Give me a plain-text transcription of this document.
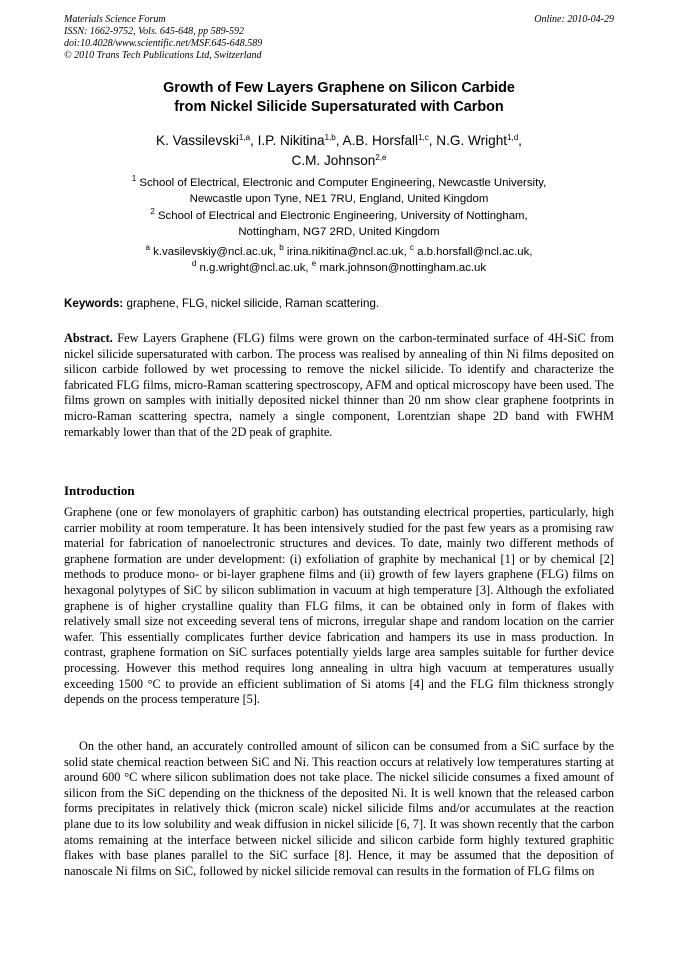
Materials Science Forum
ISSN: 1662-9752, Vols. 645-648, pp 589-592
doi:10.4028/www.scientific.net/MSF.645-648.589
© 2010 Trans Tech Publications Ltd, Switzerland
Online: 2010-04-29
Growth of Few Layers Graphene on Silicon Carbide
from Nickel Silicide Supersaturated with Carbon
K. Vassilevski$^{1,a}$, I.P. Nikitina$^{1,b}$, A.B. Horsfall$^{1,c}$, N.G. Wright$^{1,d}$,
C.M. Johnson$^{2,e}$
$^1$ School of Electrical, Electronic and Computer Engineering, Newcastle University,
Newcastle upon Tyne, NE1 7RU, England, United Kingdom
$^2$ School of Electrical and Electronic Engineering, University of Nottingham,
Nottingham, NG7 2RD, United Kingdom
$^a$ k.vasilevskiy@ncl.ac.uk, $^b$ irina.nikitina@ncl.ac.uk, $^c$ a.b.horsfall@ncl.ac.uk,
$^d$ n.g.wright@ncl.ac.uk, $^e$ mark.johnson@nottingham.ac.uk
Keywords: graphene, FLG, nickel silicide, Raman scattering.
Abstract. Few Layers Graphene (FLG) films were grown on the carbon-terminated surface of 4H-SiC from nickel silicide supersaturated with carbon. The process was realised by annealing of thin Ni films deposited on silicon carbide followed by wet processing to remove the nickel silicide. To identify and characterize the fabricated FLG films, micro-Raman scattering spectroscopy, AFM and optical microscopy have been used. The films grown on samples with initially deposited nickel thinner than 20 nm show clear graphene footprints in micro-Raman scattering spectra, namely a single component, Lorentzian shape 2D band with FWHM remarkably lower than that of the 2D peak of graphite.
Introduction
Graphene (one or few monolayers of graphitic carbon) has outstanding electrical properties, particularly, high carrier mobility at room temperature. It has been intensively studied for the past few years as a promising raw material for fabrication of nanoelectronic structures and devices. To date, mainly two different methods of graphene formation are under development: (i) exfoliation of graphite by mechanical [1] or by chemical [2] methods to produce mono- or bi-layer graphene films and (ii) growth of few layers graphene (FLG) films on hexagonal polytypes of SiC by silicon sublimation in vacuum at high temperature [3]. Although the exfoliated graphene is of higher crystalline quality than FLG films, it can be obtained only in form of flakes with relatively small size not exceeding several tens of microns, irregular shape and random location on the carrier wafer. This essentially complicates further device fabrication and hampers its use in mass production. In contrast, graphene formation on SiC surfaces potentially yields large area samples suitable for further device processing. However this method requires long annealing in ultra high vacuum at temperatures usually exceeding 1500 °C to provide an efficient sublimation of Si atoms [4] and the FLG film thickness strongly depends on the process temperature [5].
On the other hand, an accurately controlled amount of silicon can be consumed from a SiC surface by the solid state chemical reaction between SiC and Ni. This reaction occurs at relatively low temperatures starting at around 600 °C where silicon sublimation does not take place. The nickel silicide consumes a fixed amount of silicon from the SiC depending on the thickness of the deposited Ni. It is well known that the released carbon forms precipitates in relatively thick (micron scale) nickel silicide films and/or accumulates at the reaction plane due to its low solubility and weak diffusion in nickel silicide [6, 7]. It was shown recently that the carbon atoms remaining at the interface between nickel silicide and silicon carbide form highly textured graphitic flakes with base planes parallel to the SiC surface [8]. Hence, it may be assumed that the deposition of nanoscale Ni films on SiC, followed by nickel silicide removal can results in the formation of FLG films on
